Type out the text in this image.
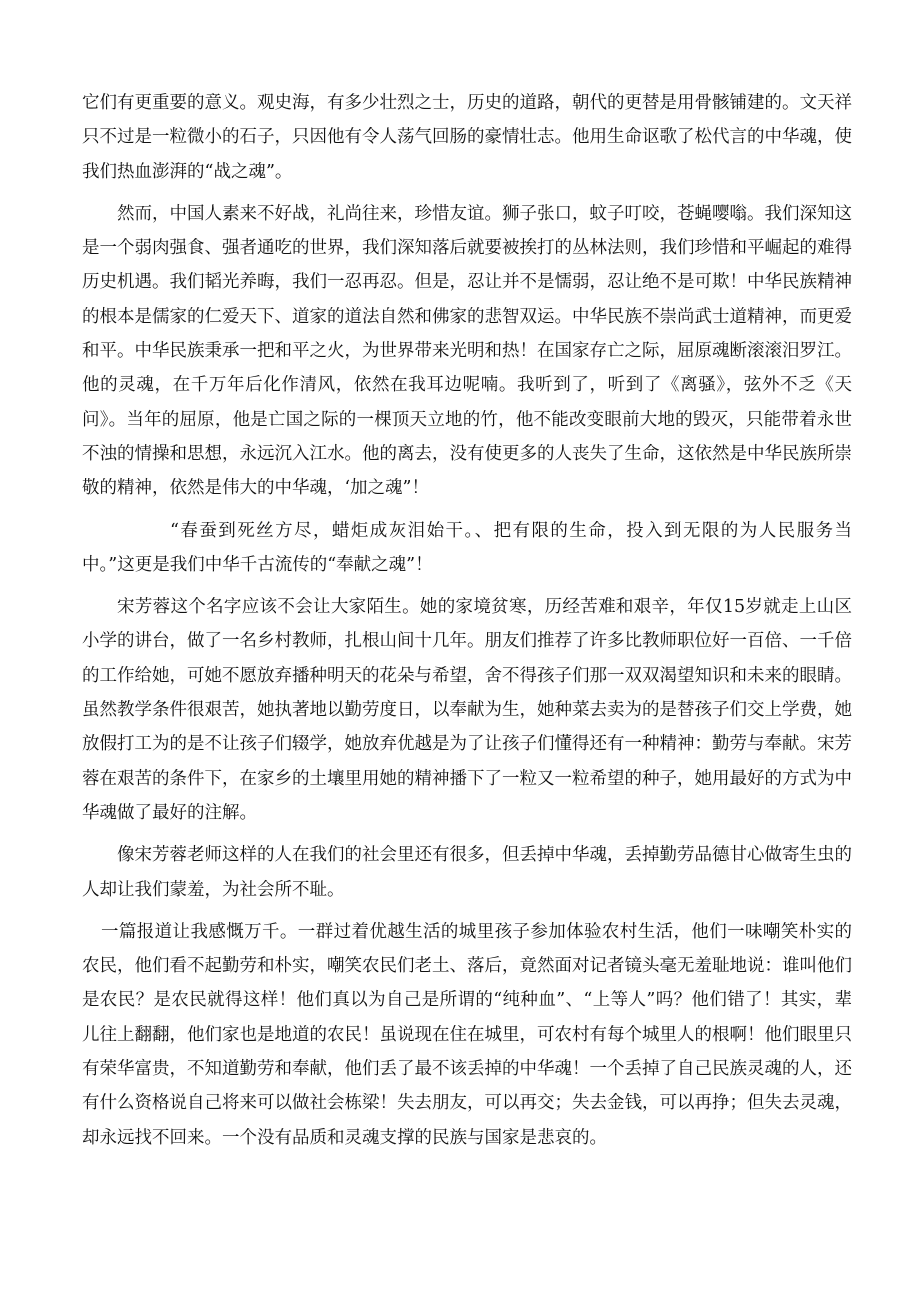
它们有更重要的意义。观史海，有多少壮烈之士，历史的道路，朝代的更替是用骨骸铺建的。文天祥只不过是一粒微小的石子，只因他有令人荡气回肠的豪情壮志。他用生命讴歌了松代言的中华魂，使我们热血澎湃的“战之魂”。

然而，中国人素来不好战，礼尚往来，珍惜友谊。狮子张口，蚊子叮咬，苍蝇嘤嗡。我们深知这是一个弱肉强食、强者通吃的世界，我们深知落后就要被挨打的丛林法则，我们珍惜和平崛起的难得历史机遇。我们韬光养晦，我们一忍再忍。但是，忍让并不是懦弱，忍让绝不是可欺！中华民族精神的根本是儒家的仁爱天下、道家的道法自然和佛家的悲智双运。中华民族不崇尚武士道精神，而更爱和平。中华民族秉承一把和平之火，为世界带来光明和热！在国家存亡之际，屈原魂断滚滚汨罗江。他的灵魂，在千万年后化作清风，依然在我耳边呢喃。我听到了，听到了《离骚》，弦外不乏《天问》。当年的屈原，他是亡国之际的一棵顶天立地的竹，他不能改变眼前大地的毁灭，只能带着永世不浊的情操和思想，永远沉入江水。他的离去，没有使更多的人丧失了生命，这依然是中华民族所崇敬的精神，依然是伟大的中华魂，‘加之魂”！

“春蚕到死丝方尽，蜡炬成灰泪始干。、把有限的生命，投入到无限的为人民服务当中。”这更是我们中华千古流传的“奉献之魂”！

宋芳蓉这个名字应该不会让大家陌生。她的家境贫寒，历经苦难和艰辛，年仅15岁就走上山区小学的讲台，做了一名乡村教师，扎根山间十几年。朋友们推荐了许多比教师职位好一百倍、一千倍的工作给她，可她不愿放弃播种明天的花朵与希望，舍不得孩子们那一双双渴望知识和未来的眼睛。虽然教学条件很艰苦，她执著地以勤劳度日，以奉献为生，她种菜去卖为的是替孩子们交上学费，她放假打工为的是不让孩子们辍学，她放弃优越是为了让孩子们懂得还有一种精神：勤劳与奉献。宋芳蓉在艰苦的条件下，在家乡的土壤里用她的精神播下了一粒又一粒希望的种子，她用最好的方式为中华魂做了最好的注解。

像宋芳蓉老师这样的人在我们的社会里还有很多，但丢掉中华魂，丢掉勤劳品德甘心做寄生虫的人却让我们蒙羞，为社会所不耻。

一篇报道让我感慨万千。一群过着优越生活的城里孩子参加体验农村生活，他们一味嘲笑朴实的农民，他们看不起勤劳和朴实，嘲笑农民们老土、落后，竟然面对记者镜头毫无羞耻地说：谁叫他们是农民？是农民就得这样！他们真以为自己是所谓的“纯种血”、“上等人”吗？他们错了！其实，辈儿往上翻翻，他们家也是地道的农民！虽说现在住在城里，可农村有每个城里人的根啊！他们眼里只有荣华富贵，不知道勤劳和奉献，他们丢了最不该丢掉的中华魂！一个丢掉了自己民族灵魂的人，还有什么资格说自己将来可以做社会栋梁！失去朋友，可以再交；失去金钱，可以再挣；但失去灵魂，却永远找不回来。一个没有品质和灵魂支撑的民族与国家是悲哀的。
